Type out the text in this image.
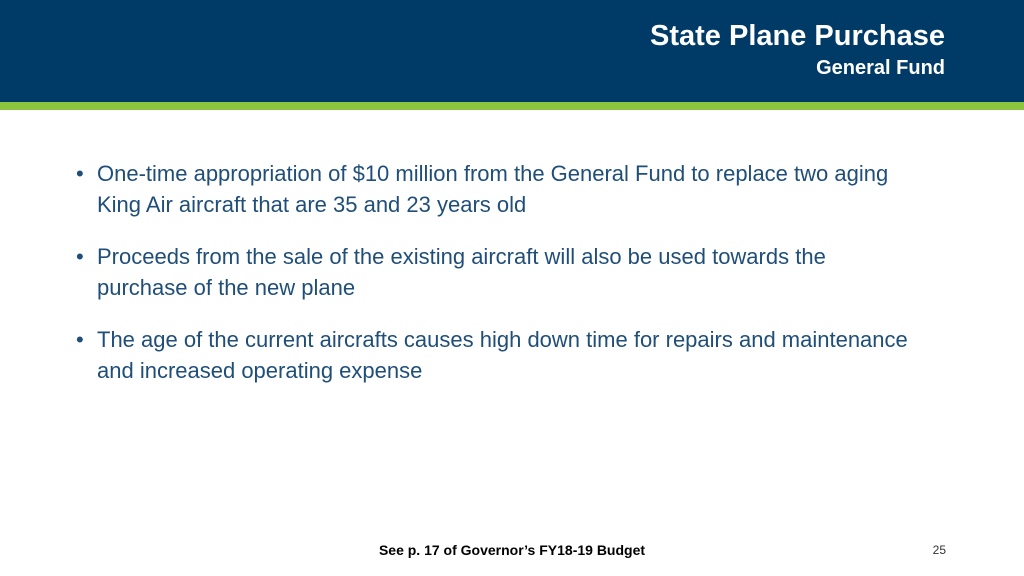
State Plane Purchase
General Fund
• One-time appropriation of $10 million from the General Fund to replace two aging King Air aircraft that are 35 and 23 years old
• Proceeds from the sale of the existing aircraft will also be used towards the purchase of the new plane
• The age of the current aircrafts causes high down time for repairs and maintenance and increased operating expense
See p. 17 of Governor’s FY18-19 Budget	25
